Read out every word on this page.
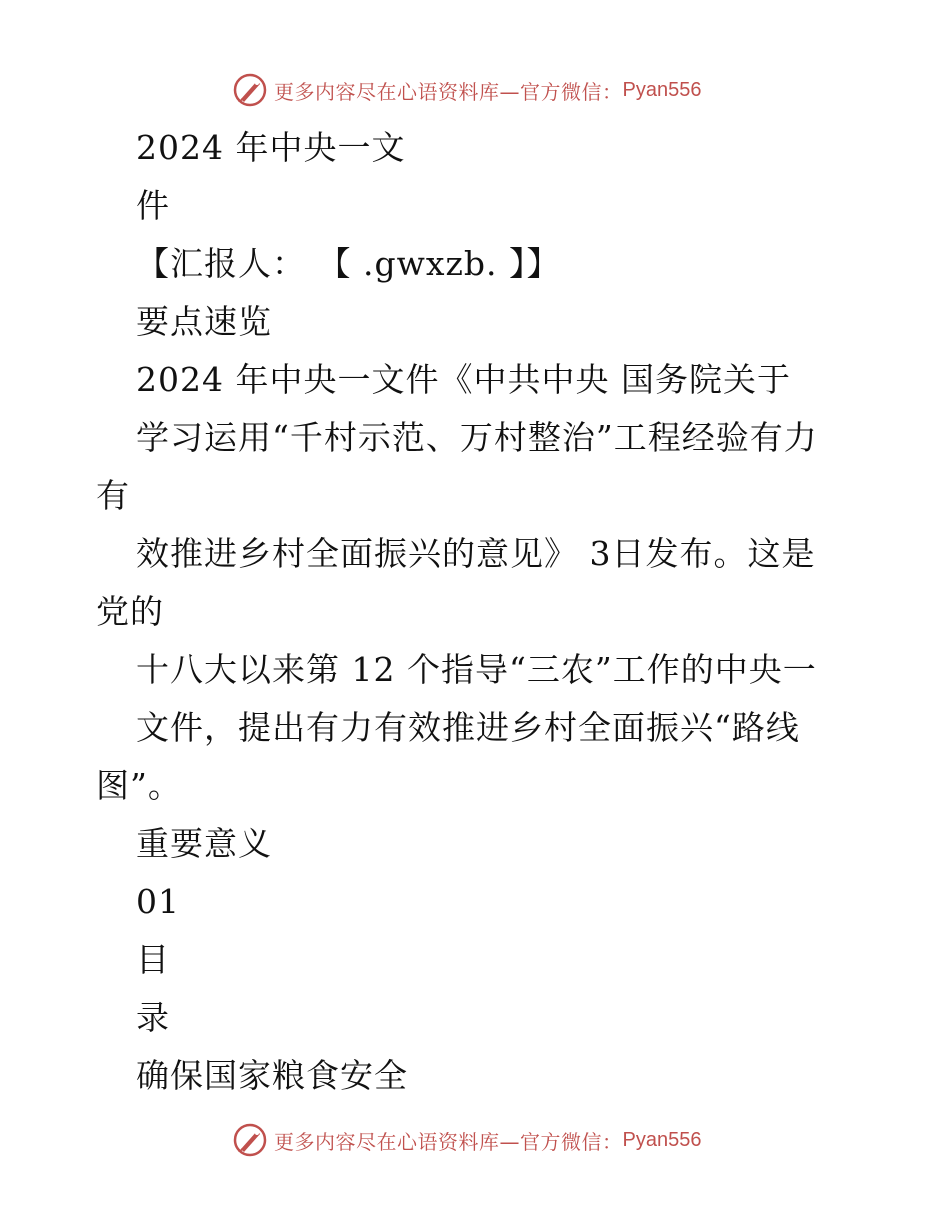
更多内容尽在心语资料库—官方微信： Pyan556
2024 年中央一文
件
【汇报人： 【 .gwxzb. 】】
要点速览
2024 年中央一文件《中共中央 国务院关于
学习运用“千村示范、万村整治”工程经验有力
有
效推进乡村全面振兴的意见》 3日发布。这是
党的
十八大以来第 12 个指导“三农”工作的中央一
文件，提出有力有效推进乡村全面振兴“路线
图”。
重要意义
01
目
录
确保国家粮食安全
更多内容尽在心语资料库—官方微信： Pyan556
